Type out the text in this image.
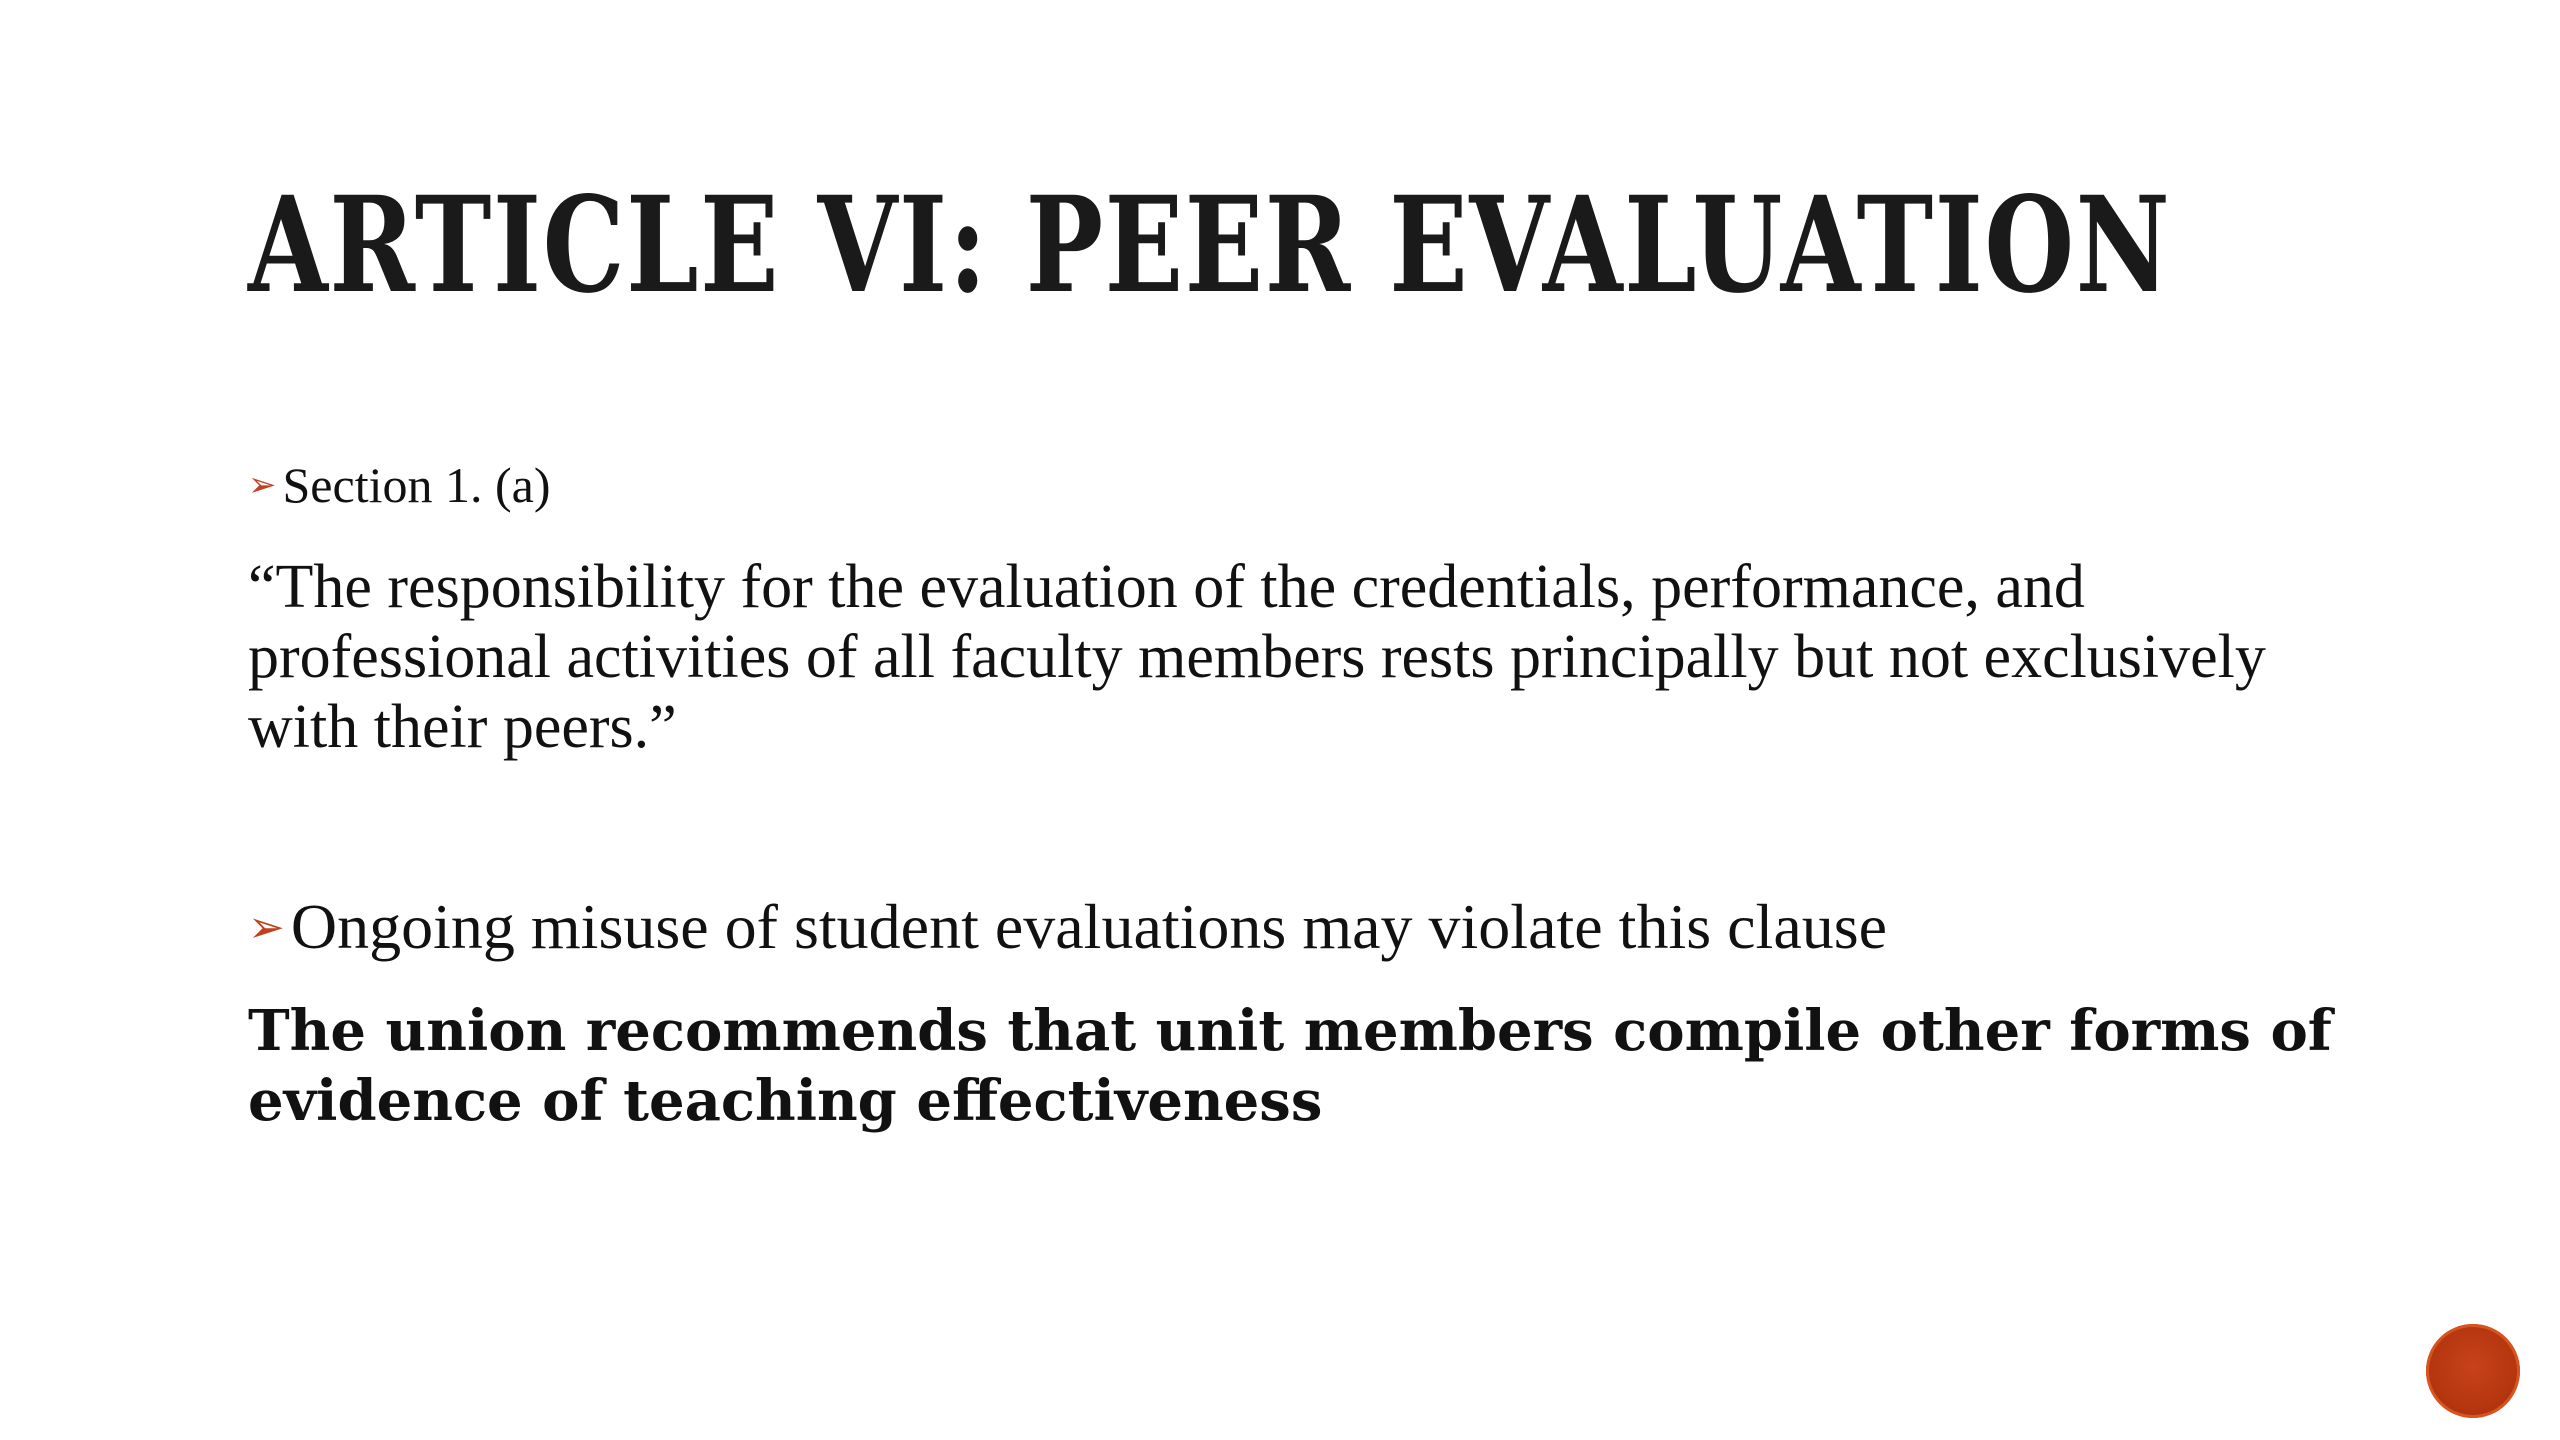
ARTICLE VI: PEER EVALUATION
➢ Section 1. (a)
“The responsibility for the evaluation of the credentials, performance, and professional activities of all faculty members rests principally but not exclusively with their peers.”
➢ Ongoing misuse of student evaluations may violate this clause
The union recommends that unit members compile other forms of evidence of teaching effectiveness
